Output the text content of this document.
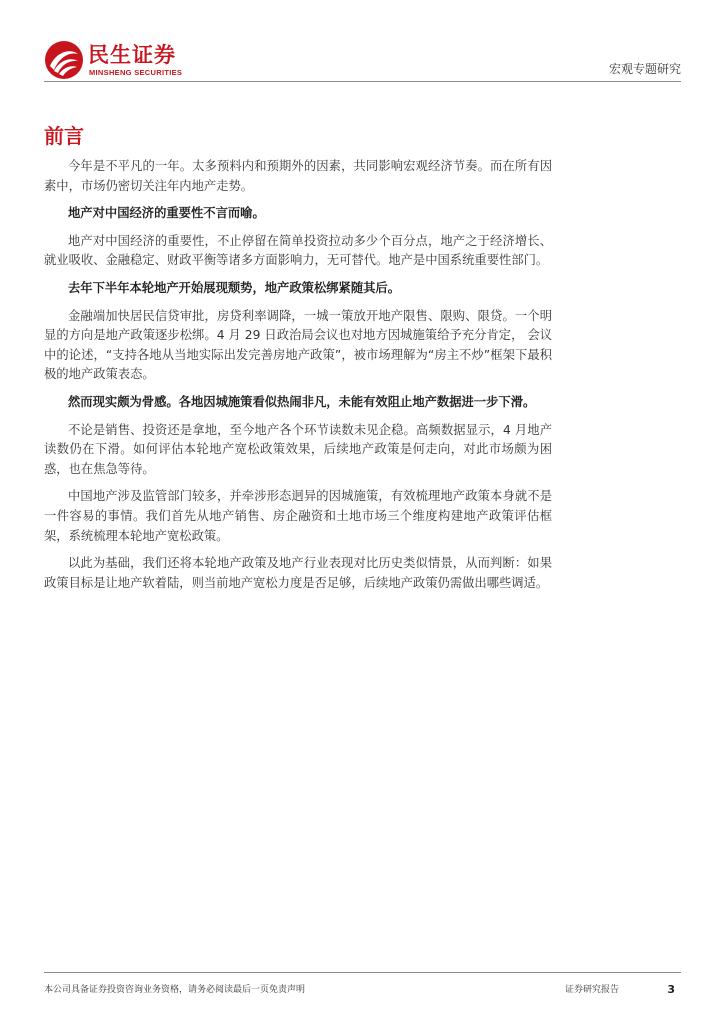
民生证券
MINSHENG SECURITIES	宏观专题研究
前言

今年是不平凡的一年。太多预料内和预期外的因素，共同影响宏观经济节奏。而在所有因素中，市场仍密切关注年内地产走势。

地产对中国经济的重要性不言而喻。

地产对中国经济的重要性，不止停留在简单投资拉动多少个百分点，地产之于经济增长、就业吸收、金融稳定、财政平衡等诸多方面影响力，无可替代。地产是中国系统重要性部门。

去年下半年本轮地产开始展现颓势，地产政策松绑紧随其后。

金融端加快居民信贷审批，房贷利率调降，一城一策放开地产限售、限购、限贷。一个明显的方向是地产政策逐步松绑。4 月 29 日政治局会议也对地方因城施策给予充分肯定， 会议中的论述，“支持各地从当地实际出发完善房地产政策”，被市场理解为“房主不炒”框架下最积极的地产政策表态。

然而现实颇为骨感。各地因城施策看似热闹非凡，未能有效阻止地产数据进一步下滑。

不论是销售、投资还是拿地，至今地产各个环节读数未见企稳。高频数据显示，4 月地产读数仍在下滑。如何评估本轮地产宽松政策效果，后续地产政策是何走向，对此市场颇为困惑，也在焦急等待。

中国地产涉及监管部门较多，并牵涉形态迥异的因城施策，有效梳理地产政策本身就不是一件容易的事情。我们首先从地产销售、房企融资和土地市场三个维度构建地产政策评估框架，系统梳理本轮地产宽松政策。

以此为基础，我们还将本轮地产政策及地产行业表现对比历史类似情景，从而判断：如果政策目标是让地产软着陆，则当前地产宽松力度是否足够，后续地产政策仍需做出哪些调适。

本公司具备证券投资咨询业务资格，请务必阅读最后一页免责声明	证券研究报告	3
